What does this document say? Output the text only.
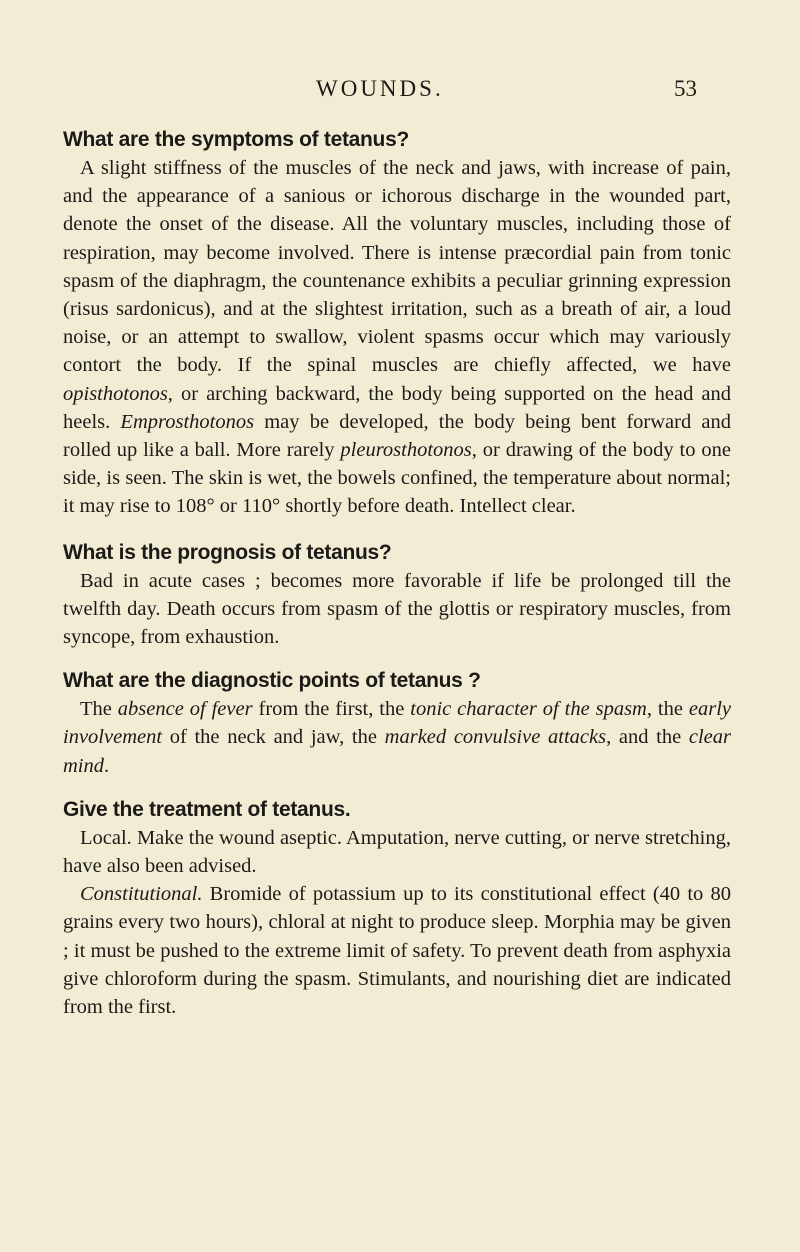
WOUNDS.	53

What are the symptoms of tetanus?

A slight stiffness of the muscles of the neck and jaws, with increase of pain, and the appearance of a sanious or ichorous discharge in the wounded part, denote the onset of the disease. All the voluntary muscles, including those of respiration, may become involved. There is intense præcordial pain from tonic spasm of the diaphragm, the countenance exhibits a peculiar grinning expression (risus sardonicus), and at the slightest irritation, such as a breath of air, a loud noise, or an attempt to swallow, violent spasms occur which may variously contort the body. If the spinal muscles are chiefly affected, we have opisthotonos, or arching backward, the body being supported on the head and heels. Emprosthotonos may be developed, the body being bent forward and rolled up like a ball. More rarely pleurosthotonos, or drawing of the body to one side, is seen. The skin is wet, the bowels confined, the temperature about normal; it may rise to 108° or 110° shortly before death. Intellect clear.

What is the prognosis of tetanus?

Bad in acute cases ; becomes more favorable if life be prolonged till the twelfth day. Death occurs from spasm of the glottis or respiratory muscles, from syncope, from exhaustion.

What are the diagnostic points of tetanus ?

The absence of fever from the first, the tonic character of the spasm, the early involvement of the neck and jaw, the marked convulsive attacks, and the clear mind.

Give the treatment of tetanus.

Local. Make the wound aseptic. Amputation, nerve cutting, or nerve stretching, have also been advised.

Constitutional. Bromide of potassium up to its constitutional effect (40 to 80 grains every two hours), chloral at night to produce sleep. Morphia may be given ; it must be pushed to the extreme limit of safety. To prevent death from asphyxia give chloroform during the spasm. Stimulants, and nourishing diet are indicated from the first.
